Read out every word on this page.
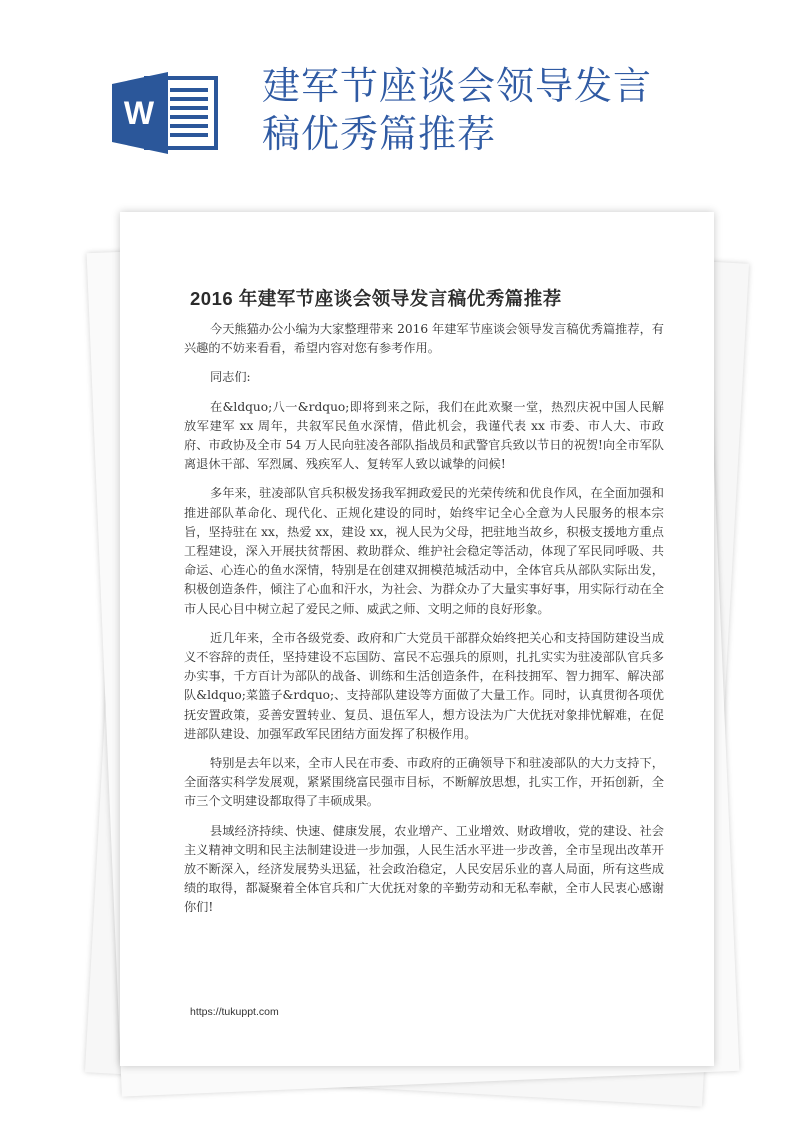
W
建军节座谈会领导发言
稿优秀篇推荐
2016 年建军节座谈会领导发言稿优秀篇推荐

今天熊猫办公小编为大家整理带来 2016 年建军节座谈会领导发言稿优秀篇推荐，有兴趣的不妨来看看，希望内容对您有参考作用。

同志们:

在&ldquo;八一&rdquo;即将到来之际，我们在此欢聚一堂，热烈庆祝中国人民解放军建军 xx 周年，共叙军民鱼水深情，借此机会，我谨代表 xx 市委、市人大、市政府、市政协及全市 54 万人民向驻凌各部队指战员和武警官兵致以节日的祝贺!向全市军队离退休干部、军烈属、残疾军人、复转军人致以诚挚的问候!

多年来，驻凌部队官兵积极发扬我军拥政爱民的光荣传统和优良作风，在全面加强和推进部队革命化、现代化、正规化建设的同时，始终牢记全心全意为人民服务的根本宗旨，坚持驻在 xx，热爱 xx，建设 xx，视人民为父母，把驻地当故乡，积极支援地方重点工程建设，深入开展扶贫帮困、救助群众、维护社会稳定等活动，体现了军民同呼吸、共命运、心连心的鱼水深情，特别是在创建双拥模范城活动中，全体官兵从部队实际出发，积极创造条件，倾注了心血和汗水，为社会、为群众办了大量实事好事，用实际行动在全市人民心目中树立起了爱民之师、威武之师、文明之师的良好形象。

近几年来，全市各级党委、政府和广大党员干部群众始终把关心和支持国防建设当成义不容辞的责任，坚持建设不忘国防、富民不忘强兵的原则，扎扎实实为驻凌部队官兵多办实事，千方百计为部队的战备、训练和生活创造条件，在科技拥军、智力拥军、解决部队&ldquo;菜篮子&rdquo;、支持部队建设等方面做了大量工作。同时，认真贯彻各项优抚安置政策，妥善安置转业、复员、退伍军人，想方设法为广大优抚对象排忧解难，在促进部队建设、加强军政军民团结方面发挥了积极作用。

特别是去年以来，全市人民在市委、市政府的正确领导下和驻凌部队的大力支持下，全面落实科学发展观，紧紧围绕富民强市目标，不断解放思想，扎实工作，开拓创新，全市三个文明建设都取得了丰硕成果。

县域经济持续、快速、健康发展，农业增产、工业增效、财政增收，党的建设、社会主义精神文明和民主法制建设进一步加强，人民生活水平进一步改善，全市呈现出改革开放不断深入，经济发展势头迅猛，社会政治稳定，人民安居乐业的喜人局面，所有这些成绩的取得，都凝聚着全体官兵和广大优抚对象的辛勤劳动和无私奉献，全市人民衷心感谢你们!

https://tukuppt.com
